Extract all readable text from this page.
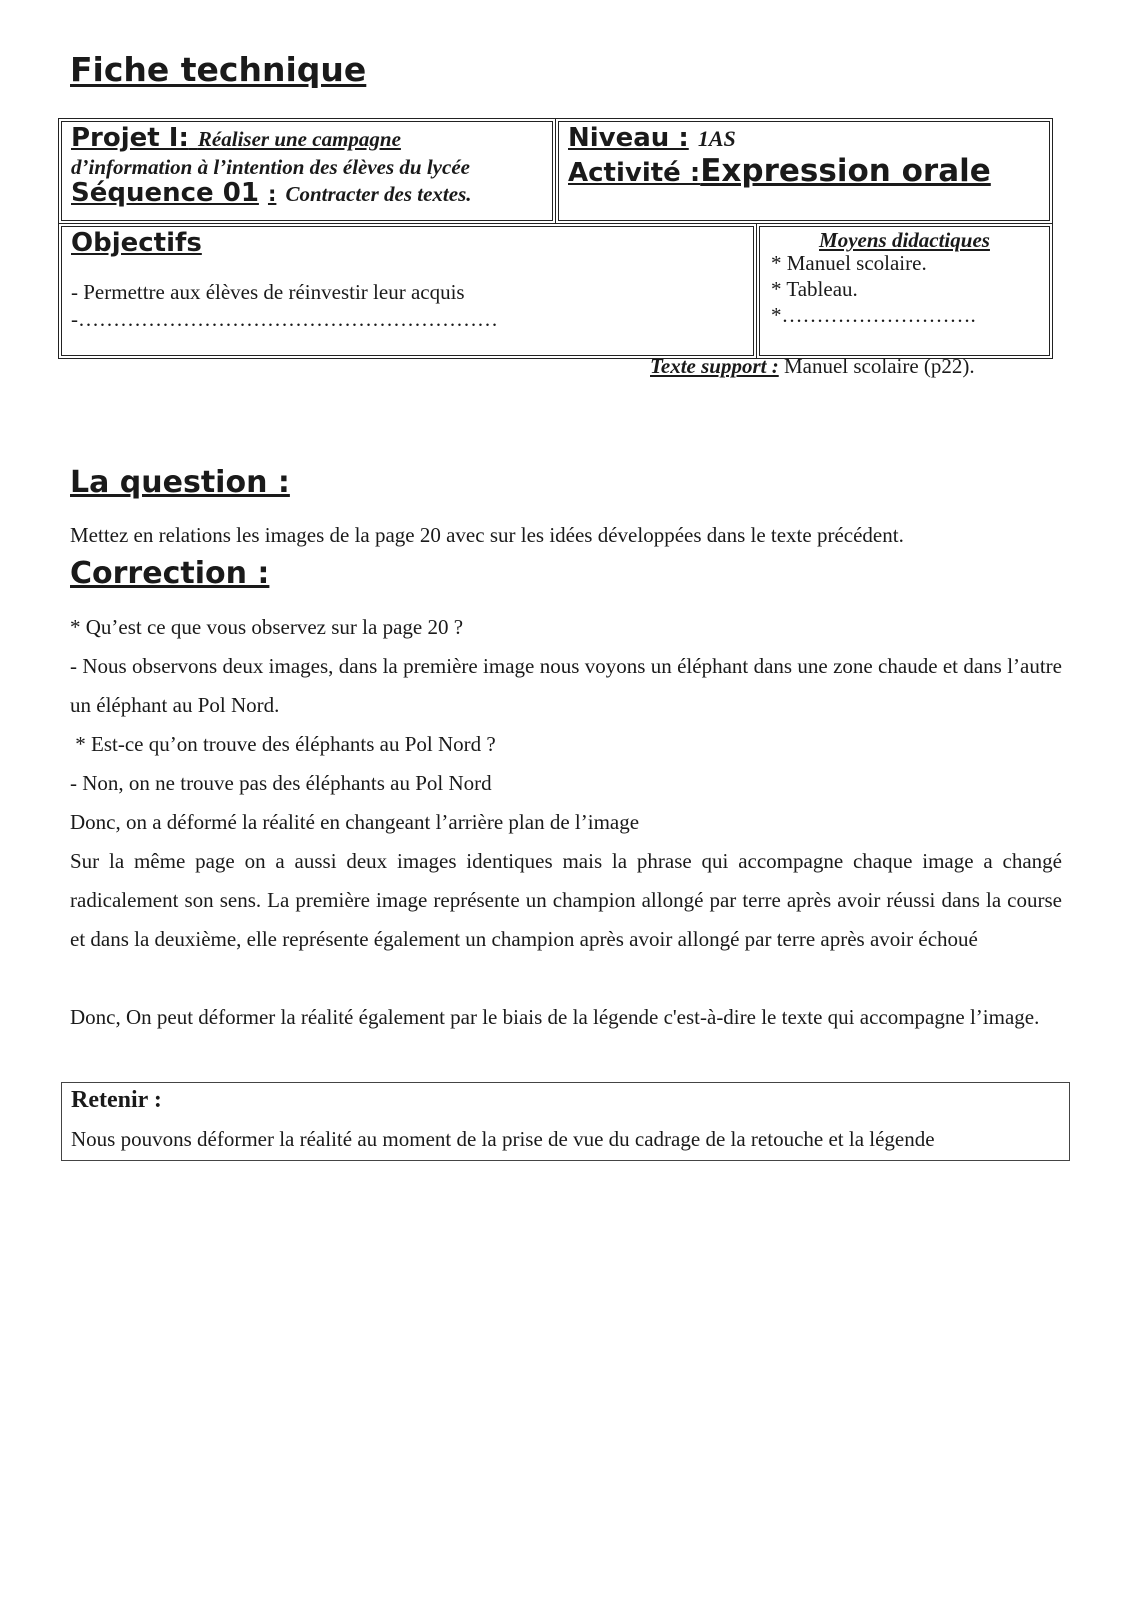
Fiche technique
Projet I: Réaliser une campagne
d’information à l’intention des élèves du lycée
Séquence 01 : Contracter des textes.
Niveau : 1AS
Activité :Expression orale
Objectifs
- Permettre aux élèves de réinvestir leur acquis
-……………………………………………………
Moyens didactiques
* Manuel scolaire.
* Tableau.
*……………………….
Texte support : Manuel scolaire (p22).
La question :
Mettez en relations les images de la page 20 avec sur les idées développées dans le texte précédent.
Correction :
* Qu’est ce que vous observez sur la page 20 ?
- Nous observons deux images, dans la première image nous voyons un éléphant dans une zone chaude et dans l’autre un éléphant au Pol Nord.
* Est-ce qu’on trouve des éléphants au Pol Nord ?
- Non, on ne trouve pas des éléphants au Pol Nord
Donc, on a déformé la réalité en changeant l’arrière plan de l’image
Sur la même page on a aussi deux images identiques mais la phrase qui accompagne chaque image a changé radicalement son sens. La première image représente un champion allongé par terre après avoir réussi dans la course et dans la deuxième, elle représente également un champion après avoir allongé par terre après avoir échoué
Donc, On peut déformer la réalité également par le biais de la légende c'est-à-dire le texte qui accompagne l’image.
Retenir :
Nous pouvons déformer la réalité au moment de la prise de vue du cadrage de la retouche et la légende
